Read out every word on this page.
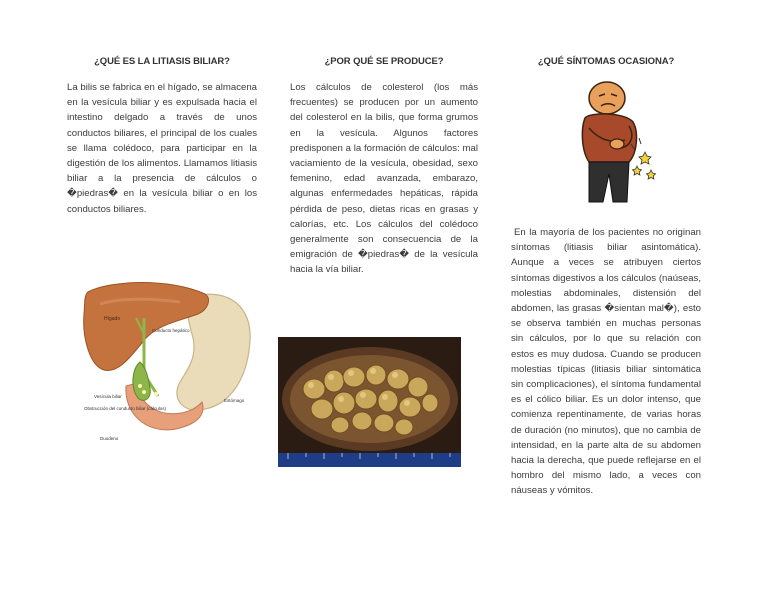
¿QUÉ ES LA LITIASIS BILIAR?
La bilis se fabrica en el hígado, se almacena en la vesícula biliar y es expulsada hacia el intestino delgado a través de unos conductos biliares, el principal de los cuales se llama colédoco, para participar en la digestión de los alimentos. Llamamos litiasis biliar a la presencia de cálculos o �piedras� en la vesícula biliar o en los conductos biliares.
¿POR QUÉ SE PRODUCE?
Los cálculos de colesterol (los más frecuentes) se producen por un aumento del colesterol en la bilis, que forma grumos en la vesícula. Algunos factores predisponen a la formación de cálculos: mal vaciamiento de la vesícula, obesidad, sexo femenino, edad avanzada, embarazo, algunas enfermedades hepáticas, rápida pérdida de peso, dietas ricas en grasas y calorías, etc. Los cálculos del colédoco generalmente son consecuencia de la emigración de �piedras� de la vesícula hacia la vía biliar.
¿QUÉ SÍNTOMAS OCASIONA?
En la mayoría de los pacientes no originan síntomas (litiasis biliar asintomática). Aunque a veces se atribuyen ciertos síntomas digestivos a los cálculos (naúseas, molestias abdominales, distensión del abdomen, las grasas �sientan mal�), esto se observa también en muchas personas sin cálculos, por lo que su relación con estos es muy dudosa. Cuando se producen molestias típicas (litiasis biliar sintomática sin complicaciones), el síntoma fundamental es el cólico biliar. Es un dolor intenso, que comienza repentinamente, de varias horas de duración (no minutos), que no cambia de intensidad, en la parte alta de su abdomen hacia la derecha, que puede reflejarse en el hombro del mismo lado, a veces con náuseas y vómitos.
Hígado
Conducto hepático
Vesícula biliar
Obstrucción del conducto biliar (cálculos)
Duodeno
Estómago
